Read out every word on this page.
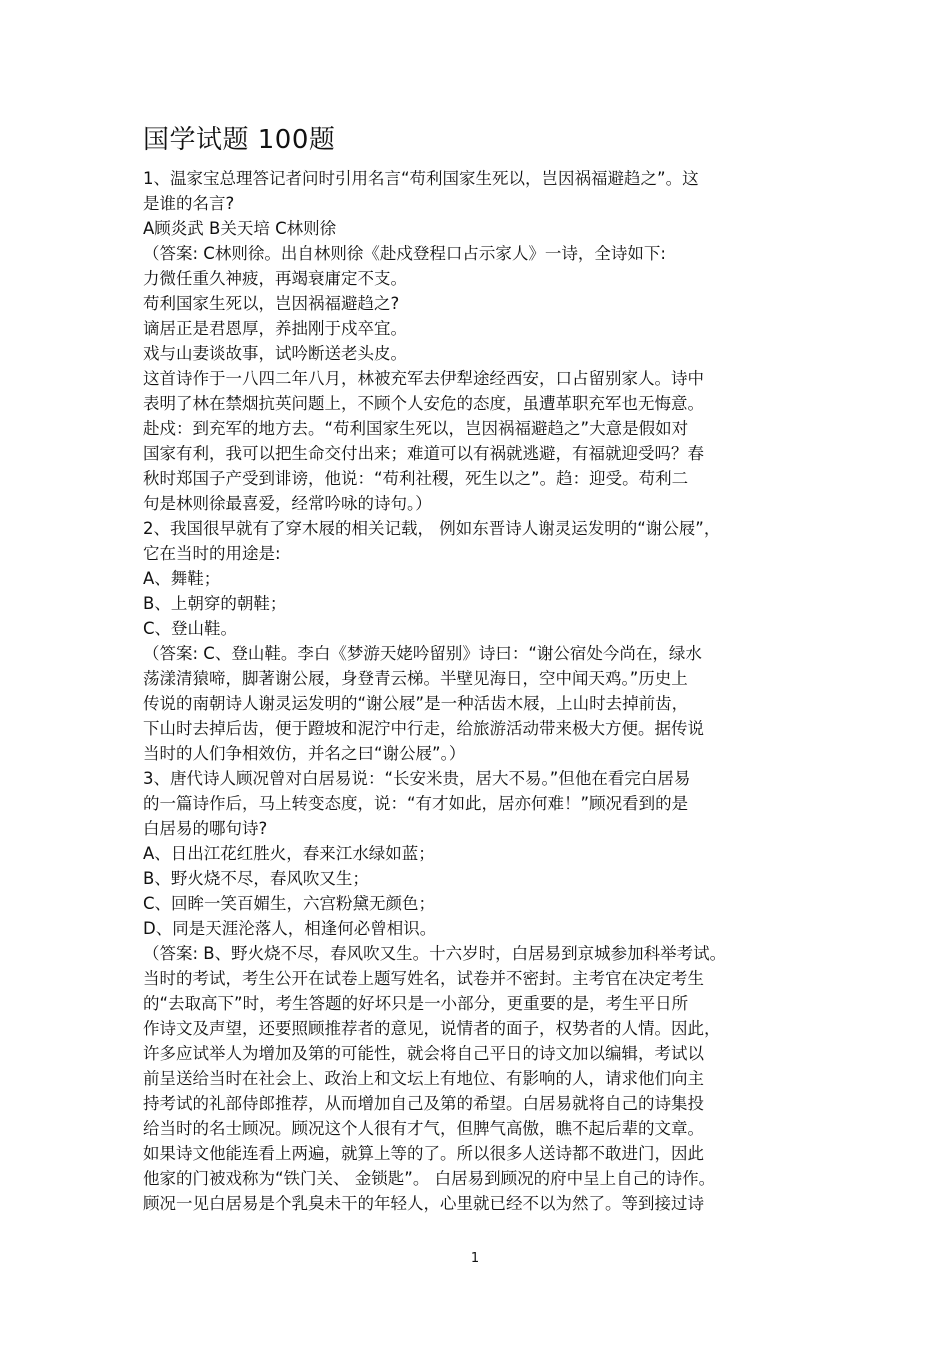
国学试题 100题
1、温家宝总理答记者问时引用名言“苟利国家生死以，岂因祸福避趋之”。这
是谁的名言?
A顾炎武 B关天培 C林则徐
（答案: C林则徐。出自林则徐《赴戍登程口占示家人》一诗，全诗如下:
力微任重久神疲，再竭衰庸定不支。
苟利国家生死以，岂因祸福避趋之?
谪居正是君恩厚，养拙刚于戍卒宜。
戏与山妻谈故事，试吟断送老头皮。
这首诗作于一八四二年八月，林被充军去伊犁途经西安，口占留别家人。诗中
表明了林在禁烟抗英问题上，不顾个人安危的态度，虽遭革职充军也无悔意。
赴戍：到充军的地方去。“苟利国家生死以，岂因祸福避趋之”大意是假如对
国家有利，我可以把生命交付出来；难道可以有祸就逃避，有福就迎受吗？春
秋时郑国子产受到诽谤，他说：“苟利社稷，死生以之”。趋：迎受。苟利二
句是林则徐最喜爱，经常吟咏的诗句。）
2、我国很早就有了穿木屐的相关记载， 例如东晋诗人谢灵运发明的“谢公屐”，
它在当时的用途是:
A、舞鞋；
B、上朝穿的朝鞋；
C、登山鞋。
（答案: C、登山鞋。李白《梦游天姥吟留别》诗曰：“谢公宿处今尚在，绿水
荡漾清猿啼，脚著谢公屐，身登青云梯。半壁见海日，空中闻天鸡。”历史上
传说的南朝诗人谢灵运发明的“谢公屐”是一种活齿木屐，上山时去掉前齿，
下山时去掉后齿，便于蹬坡和泥泞中行走，给旅游活动带来极大方便。据传说
当时的人们争相效仿，并名之曰“谢公屐”。）
3、唐代诗人顾况曾对白居易说：“长安米贵，居大不易。”但他在看完白居易
的一篇诗作后，马上转变态度，说：“有才如此，居亦何难！”顾况看到的是
白居易的哪句诗?
A、日出江花红胜火，春来江水绿如蓝；
B、野火烧不尽，春风吹又生；
C、回眸一笑百媚生，六宫粉黛无颜色；
D、同是天涯沦落人，相逢何必曾相识。
（答案: B、野火烧不尽，春风吹又生。十六岁时，白居易到京城参加科举考试。
当时的考试，考生公开在试卷上题写姓名，试卷并不密封。主考官在决定考生
的“去取高下”时，考生答题的好坏只是一小部分，更重要的是，考生平日所
作诗文及声望，还要照顾推荐者的意见，说情者的面子，权势者的人情。因此，
许多应试举人为增加及第的可能性，就会将自己平日的诗文加以编辑，考试以
前呈送给当时在社会上、政治上和文坛上有地位、有影响的人，请求他们向主
持考试的礼部侍郎推荐，从而增加自己及第的希望。白居易就将自己的诗集投
给当时的名士顾况。顾况这个人很有才气，但脾气高傲，瞧不起后辈的文章。
如果诗文他能连看上两遍，就算上等的了。所以很多人送诗都不敢进门，因此
他家的门被戏称为“铁门关、 金锁匙”。 白居易到顾况的府中呈上自己的诗作。
顾况一见白居易是个乳臭未干的年轻人，心里就已经不以为然了。等到接过诗
1
